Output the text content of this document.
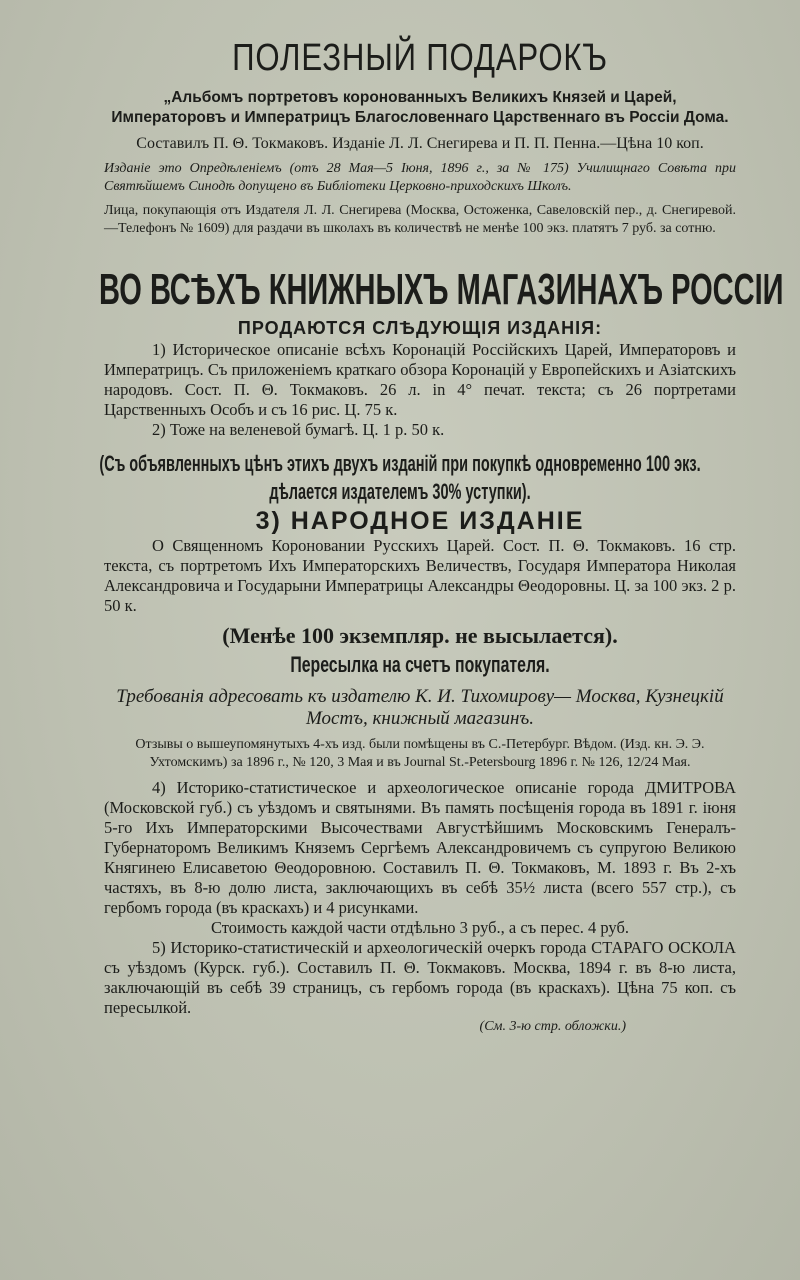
ПОЛЕЗНЫЙ ПОДАРОКЪ

„Альбомъ портретовъ коронованныхъ Великихъ Князей и Царей, Императоровъ и Императрицъ Благословеннаго Царственнаго въ Россіи Дома.

Составилъ П. Θ. Токмаковъ. Изданіе Л. Л. Снегирева и П. П. Пенна.—Цѣна 10 коп.

Изданіе это Опредѣленіемъ (отъ 28 Мая—5 Іюня, 1896 г., за № 175) Училищнаго Совѣта при Святѣйшемъ Синодѣ допущено въ Библіотеки Церковно-приходскихъ Школъ.

Лица, покупающія отъ Издателя Л. Л. Снегирева (Москва, Остоженка, Савеловскій пер., д. Снегиревой.—Телефонъ № 1609) для раздачи въ школахъ въ количествѣ не менѣе 100 экз. платятъ 7 руб. за сотню.

ВО ВСѢХЪ КНИЖНЫХЪ МАГАЗИНАХЪ РОССІИ

ПРОДАЮТСЯ СЛѢДУЮЩІЯ ИЗДАНІЯ:

1) Историческое описаніе всѣхъ Коронацій Россійскихъ Царей, Императоровъ и Императрицъ. Съ приложеніемъ краткаго обзора Коронацій у Европейскихъ и Азіатскихъ народовъ. Сост. П. Θ. Токмаковъ. 26 л. in 4° печат. текста; съ 26 портретами Царственныхъ Особъ и съ 16 рис. Ц. 75 к.

2) Тоже на веленевой бумагѣ. Ц. 1 р. 50 к.

(Съ объявленныхъ цѣнъ этихъ двухъ изданій при покупкѣ одновременно 100 экз.

дѣлается издателемъ 30% уступки).

3) НАРОДНОЕ ИЗДАНІЕ

О Священномъ Короновании Русскихъ Царей. Сост. П. Θ. Токмаковъ. 16 стр. текста, съ портретомъ Ихъ Императорскихъ Величествъ, Государя Императора Николая Александровича и Государыни Императрицы Александры Θеодоровны. Ц. за 100 экз. 2 р. 50 к.

(Менѣе 100 экземпляр. не высылается).

Пересылка на счетъ покупателя.

Требованія адресовать къ издателю К. И. Тихомирову— Москва, Кузнецкій Мостъ, книжный магазинъ.

Отзывы о вышеупомянутыхъ 4-хъ изд. были помѣщены въ С.-Петербург. Вѣдом. (Изд. кн. Э. Э. Ухтомскимъ) за 1896 г., № 120, 3 Мая и въ Journal St.-Petersbourg 1896 г. № 126, 12/24 Мая.

4) Историко-статистическое и археологическое описаніе города ДМИТРОВА (Московской губ.) съ уѣздомъ и святынями. Въ память посѣщенія города въ 1891 г. іюня 5-го Ихъ Императорскими Высочествами Августѣйшимъ Московскимъ Генералъ-Губернаторомъ Великимъ Княземъ Сергѣемъ Александровичемъ съ супругою Великою Княгинею Елисаветою Θеодоровною. Составилъ П. Θ. Токмаковъ, М. 1893 г. Въ 2-хъ частяхъ, въ 8-ю долю листа, заключающихъ въ себѣ 35½ листа (всего 557 стр.), съ гербомъ города (въ краскахъ) и 4 рисунками.

Стоимость каждой части отдѣльно 3 руб., а съ перес. 4 руб.

5) Историко-статистическій и археологическій очеркъ города СТАРАГО ОСКОЛА съ уѣздомъ (Курск. губ.). Составилъ П. Θ. Токмаковъ. Москва, 1894 г. въ 8-ю листа, заключающій въ себѣ 39 страницъ, съ гербомъ города (въ краскахъ). Цѣна 75 коп. съ пересылкой.

(См. 3-ю стр. обложки.)
